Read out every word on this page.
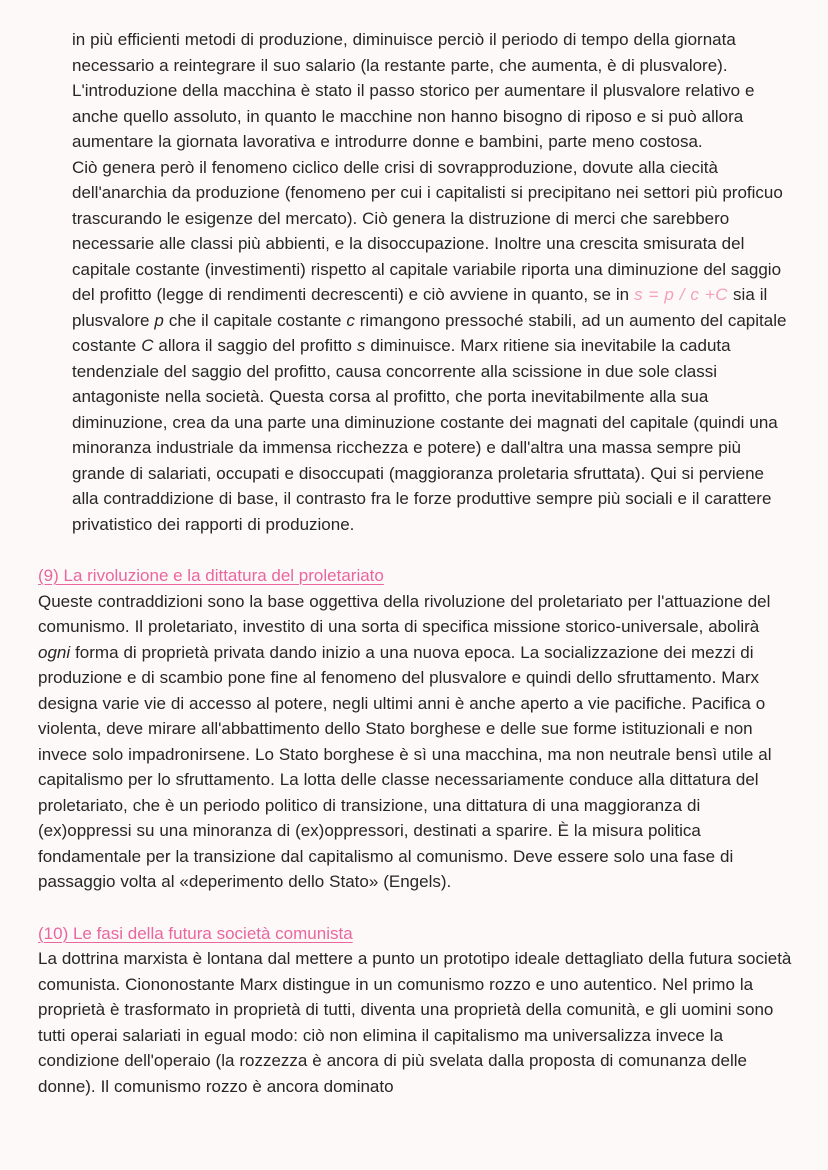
in più efficienti metodi di produzione, diminuisce perciò il periodo di tempo della giornata necessario a reintegrare il suo salario (la restante parte, che aumenta, è di plusvalore). L'introduzione della macchina è stato il passo storico per aumentare il plusvalore relativo e anche quello assoluto, in quanto le macchine non hanno bisogno di riposo e si può allora aumentare la giornata lavorativa e introdurre donne e bambini, parte meno costosa.

Ciò genera però il fenomeno ciclico delle crisi di sovrapproduzione, dovute alla ciecità dell'anarchia da produzione (fenomeno per cui i capitalisti si precipitano nei settori più proficuo trascurando le esigenze del mercato). Ciò genera la distruzione di merci che sarebbero necessarie alle classi più abbienti, e la disoccupazione. Inoltre una crescita smisurata del capitale costante (investimenti) rispetto al capitale variabile riporta una diminuzione del saggio del profitto (legge di rendimenti decrescenti) e ciò avviene in quanto, se in s = p / c +C sia il plusvalore p che il capitale costante c rimangono pressoché stabili, ad un aumento del capitale costante C allora il saggio del profitto s diminuisce. Marx ritiene sia inevitabile la caduta tendenziale del saggio del profitto, causa concorrente alla scissione in due sole classi antagoniste nella società. Questa corsa al profitto, che porta inevitabilmente alla sua diminuzione, crea da una parte una diminuzione costante dei magnati del capitale (quindi una minoranza industriale da immensa ricchezza e potere) e dall'altra una massa sempre più grande di salariati, occupati e disoccupati (maggioranza proletaria sfruttata). Qui si perviene alla contraddizione di base, il contrasto fra le forze produttive sempre più sociali e il carattere privatistico dei rapporti di produzione.

(9) La rivoluzione e la dittatura del proletariato

Queste contraddizioni sono la base oggettiva della rivoluzione del proletariato per l'attuazione del comunismo. Il proletariato, investito di una sorta di specifica missione storico-universale, abolirà ogni forma di proprietà privata dando inizio a una nuova epoca. La socializzazione dei mezzi di produzione e di scambio pone fine al fenomeno del plusvalore e quindi dello sfruttamento. Marx designa varie vie di accesso al potere, negli ultimi anni è anche aperto a vie pacifiche. Pacifica o violenta, deve mirare all'abbattimento dello Stato borghese e delle sue forme istituzionali e non invece solo impadronirsene. Lo Stato borghese è sì una macchina, ma non neutrale bensì utile al capitalismo per lo sfruttamento. La lotta delle classe necessariamente conduce alla dittatura del proletariato, che è un periodo politico di transizione, una dittatura di una maggioranza di (ex)oppressi su una minoranza di (ex)oppressori, destinati a sparire. È la misura politica fondamentale per la transizione dal capitalismo al comunismo. Deve essere solo una fase di passaggio volta al «deperimento dello Stato» (Engels).

(10) Le fasi della futura società comunista

La dottrina marxista è lontana dal mettere a punto un prototipo ideale dettagliato della futura società comunista. Ciononostante Marx distingue in un comunismo rozzo e uno autentico. Nel primo la proprietà è trasformato in proprietà di tutti, diventa una proprietà della comunità, e gli uomini sono tutti operai salariati in egual modo: ciò non elimina il capitalismo ma universalizza invece la condizione dell'operaio (la rozzezza è ancora di più svelata dalla proposta di comunanza delle donne). Il comunismo rozzo è ancora dominato
